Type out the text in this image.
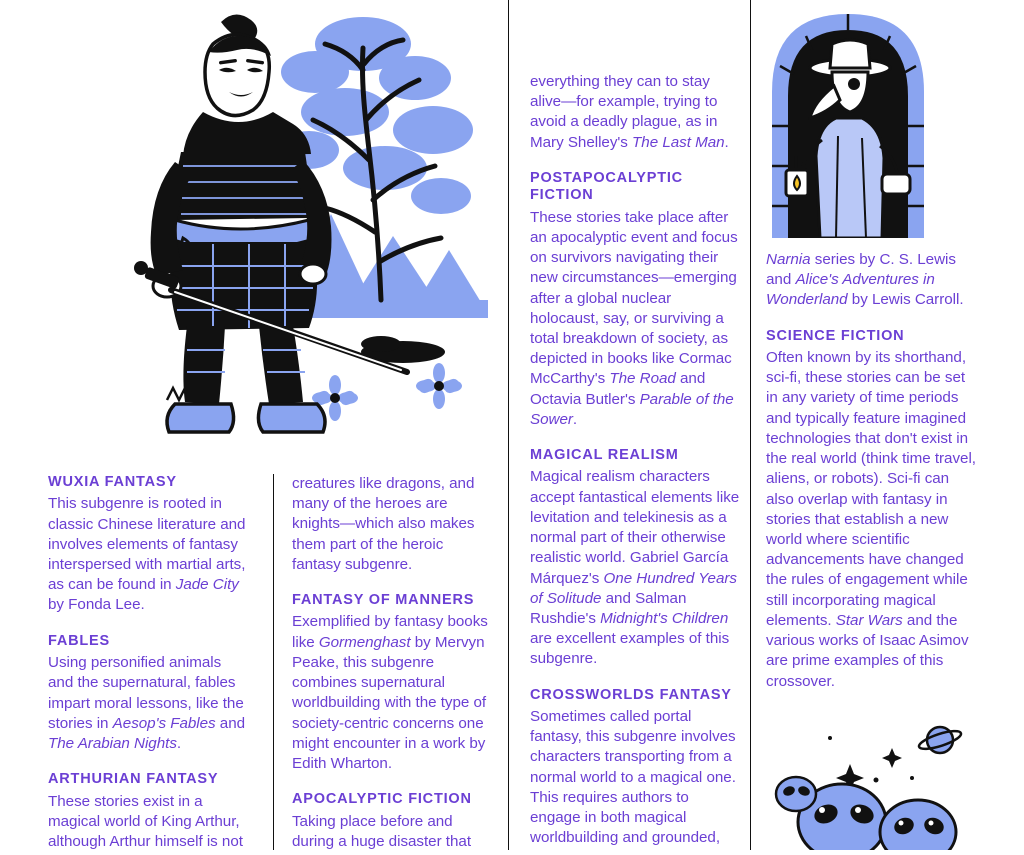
WUXIA FANTASY

This subgenre is rooted in classic Chinese literature and involves elements of fantasy interspersed with martial arts, as can be found in Jade City by Fonda Lee.

FABLES

Using personified animals and the supernatural, fables impart moral lessons, like the stories in Aesop's Fables and The Arabian Nights.

ARTHURIAN FANTASY

These stories exist in a magical world of King Arthur, although Arthur himself is not

creatures like dragons, and many of the heroes are knights—which also makes them part of the heroic fantasy subgenre.

FANTASY OF MANNERS

Exemplified by fantasy books like Gormenghast by Mervyn Peake, this subgenre combines supernatural worldbuilding with the type of society-centric concerns one might encounter in a work by Edith Wharton.

APOCALYPTIC FICTION

Taking place before and during a huge disaster that

everything they can to stay alive—for example, trying to avoid a deadly plague, as in Mary Shelley's The Last Man.

POSTAPOCALYPTIC FICTION

These stories take place after an apocalyptic event and focus on survivors navigating their new circumstances—emerging after a global nuclear holocaust, say, or surviving a total breakdown of society, as depicted in books like Cormac McCarthy's The Road and Octavia Butler's Parable of the Sower.

MAGICAL REALISM

Magical realism characters accept fantastical elements like levitation and telekinesis as a normal part of their otherwise realistic world. Gabriel García Márquez's One Hundred Years of Solitude and Salman Rushdie's Midnight's Children are excellent examples of this subgenre.

CROSSWORLDS FANTASY

Sometimes called portal fantasy, this subgenre involves characters transporting from a normal world to a magical one. This requires authors to engage in both magical worldbuilding and grounded,

Narnia series by C. S. Lewis and Alice's Adventures in Wonderland by Lewis Carroll.

SCIENCE FICTION

Often known by its shorthand, sci-fi, these stories can be set in any variety of time periods and typically feature imagined technologies that don't exist in the real world (think time travel, aliens, or robots). Sci-fi can also overlap with fantasy in stories that establish a new world where scientific advancements have changed the rules of engagement while still incorporating magical elements. Star Wars and the various works of Isaac Asimov are prime examples of this crossover.
